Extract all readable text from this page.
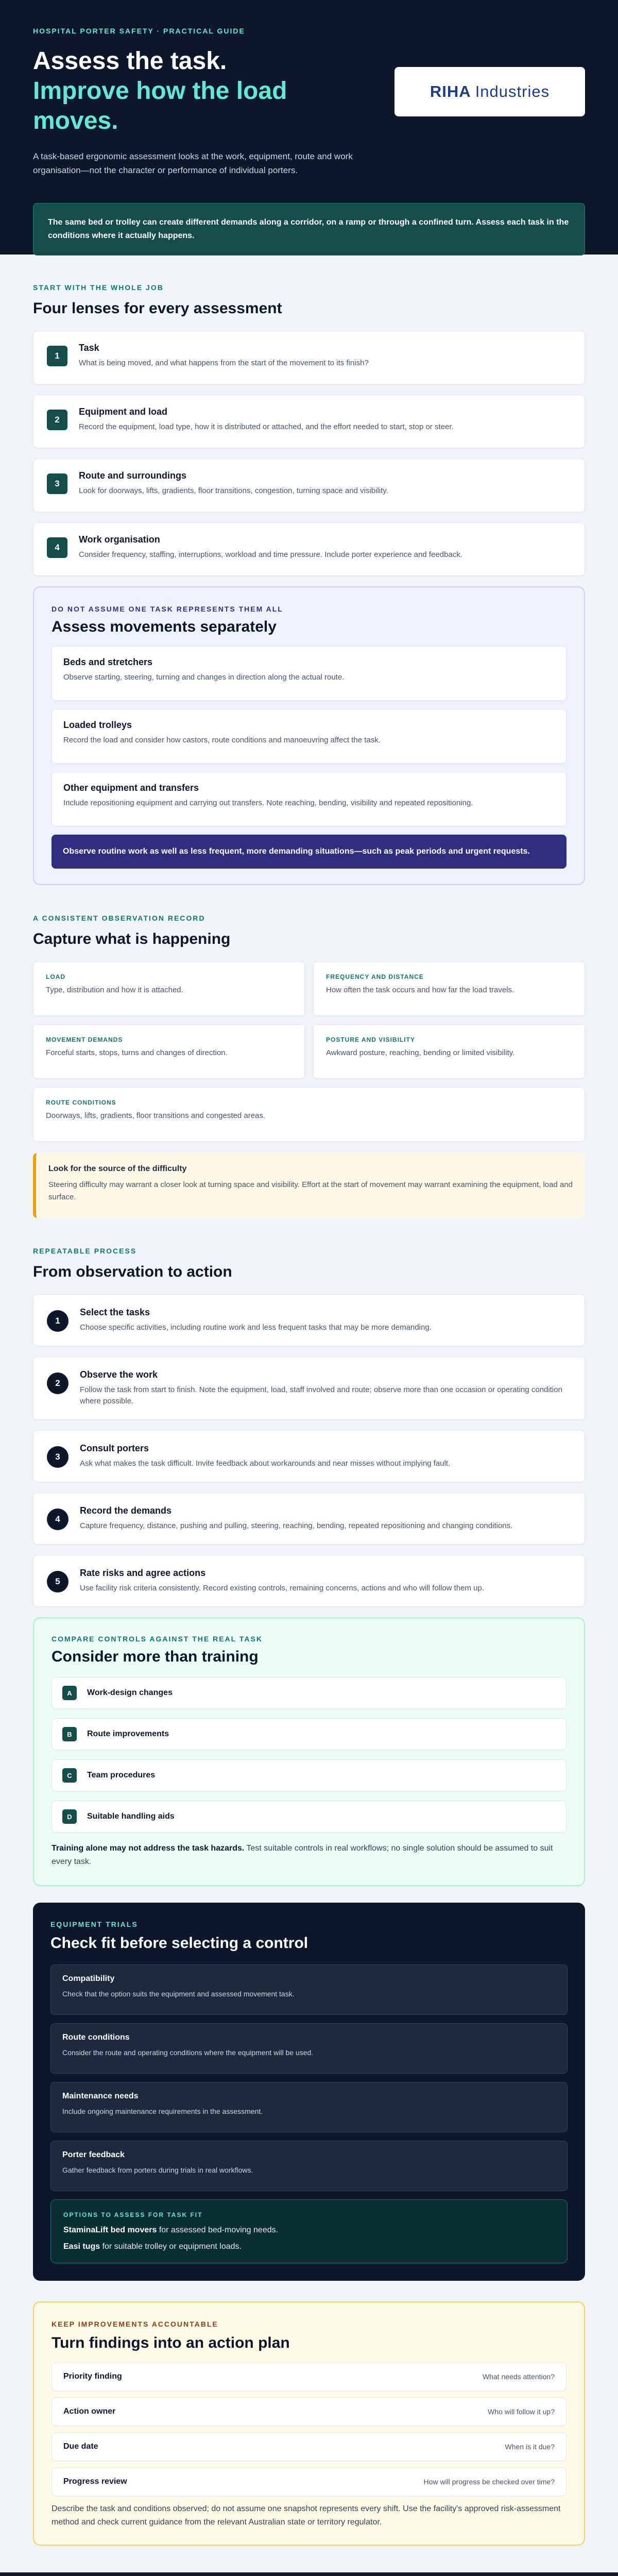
HOSPITAL PORTER SAFETY · PRACTICAL GUIDE
Assess the task.
Improve how the load moves.

A task-based ergonomic assessment looks at the work, equipment, route and work organisation—not the character or performance of individual porters.

RIHA Industries
The same bed or trolley can create different demands along a corridor, on a ramp or through a confined turn. Assess each task in the conditions where it actually happens.
START WITH THE WHOLE JOB
Four lenses for every assessment
1
Task
What is being moved, and what happens from the start of the movement to its finish?
2
Equipment and load
Record the equipment, load type, how it is distributed or attached, and the effort needed to start, stop or steer.
3
Route and surroundings
Look for doorways, lifts, gradients, floor transitions, congestion, turning space and visibility.
4
Work organisation
Consider frequency, staffing, interruptions, workload and time pressure. Include porter experience and feedback.
DO NOT ASSUME ONE TASK REPRESENTS THEM ALL
Assess movements separately
Beds and stretchers
Observe starting, steering, turning and changes in direction along the actual route.
Loaded trolleys
Record the load and consider how castors, route conditions and manoeuvring affect the task.
Other equipment and transfers
Include repositioning equipment and carrying out transfers. Note reaching, bending, visibility and repeated repositioning.
Observe routine work as well as less frequent, more demanding situations—such as peak periods and urgent requests.
A CONSISTENT OBSERVATION RECORD
Capture what is happening
LOAD
Type, distribution and how it is attached.
FREQUENCY AND DISTANCE
How often the task occurs and how far the load travels.
MOVEMENT DEMANDS
Forceful starts, stops, turns and changes of direction.
POSTURE AND VISIBILITY
Awkward posture, reaching, bending or limited visibility.
ROUTE CONDITIONS
Doorways, lifts, gradients, floor transitions and congested areas.
Look for the source of the difficulty
Steering difficulty may warrant a closer look at turning space and visibility. Effort at the start of movement may warrant examining the equipment, load and surface.
REPEATABLE PROCESS
From observation to action
1
Select the tasks
Choose specific activities, including routine work and less frequent tasks that may be more demanding.
2
Observe the work
Follow the task from start to finish. Note the equipment, load, staff involved and route; observe more than one occasion or operating condition where possible.
3
Consult porters
Ask what makes the task difficult. Invite feedback about workarounds and near misses without implying fault.
4
Record the demands
Capture frequency, distance, pushing and pulling, steering, reaching, bending, repeated repositioning and changing conditions.
5
Rate risks and agree actions
Use facility risk criteria consistently. Record existing controls, remaining concerns, actions and who will follow them up.
COMPARE CONTROLS AGAINST THE REAL TASK
Consider more than training
A	Work-design changes
B	Route improvements
C	Team procedures
D	Suitable handling aids

Training alone may not address the task hazards. Test suitable controls in real workflows; no single solution should be assumed to suit every task.

EQUIPMENT TRIALS
Check fit before selecting a control
Compatibility
Check that the option suits the equipment and assessed movement task.
Route conditions
Consider the route and operating conditions where the equipment will be used.
Maintenance needs
Include ongoing maintenance requirements in the assessment.
Porter feedback
Gather feedback from porters during trials in real workflows.
OPTIONS TO ASSESS FOR TASK FIT
StaminaLift bed movers for assessed bed-moving needs.
Easi tugs for suitable trolley or equipment loads.
KEEP IMPROVEMENTS ACCOUNTABLE
Turn findings into an action plan
Priority finding	What needs attention?
Action owner	Who will follow it up?
Due date	When is it due?
Progress review	How will progress be checked over time?

Describe the task and conditions observed; do not assume one snapshot represents every shift. Use the facility's approved risk-assessment method and check current guidance from the relevant Australian state or territory regulator.
